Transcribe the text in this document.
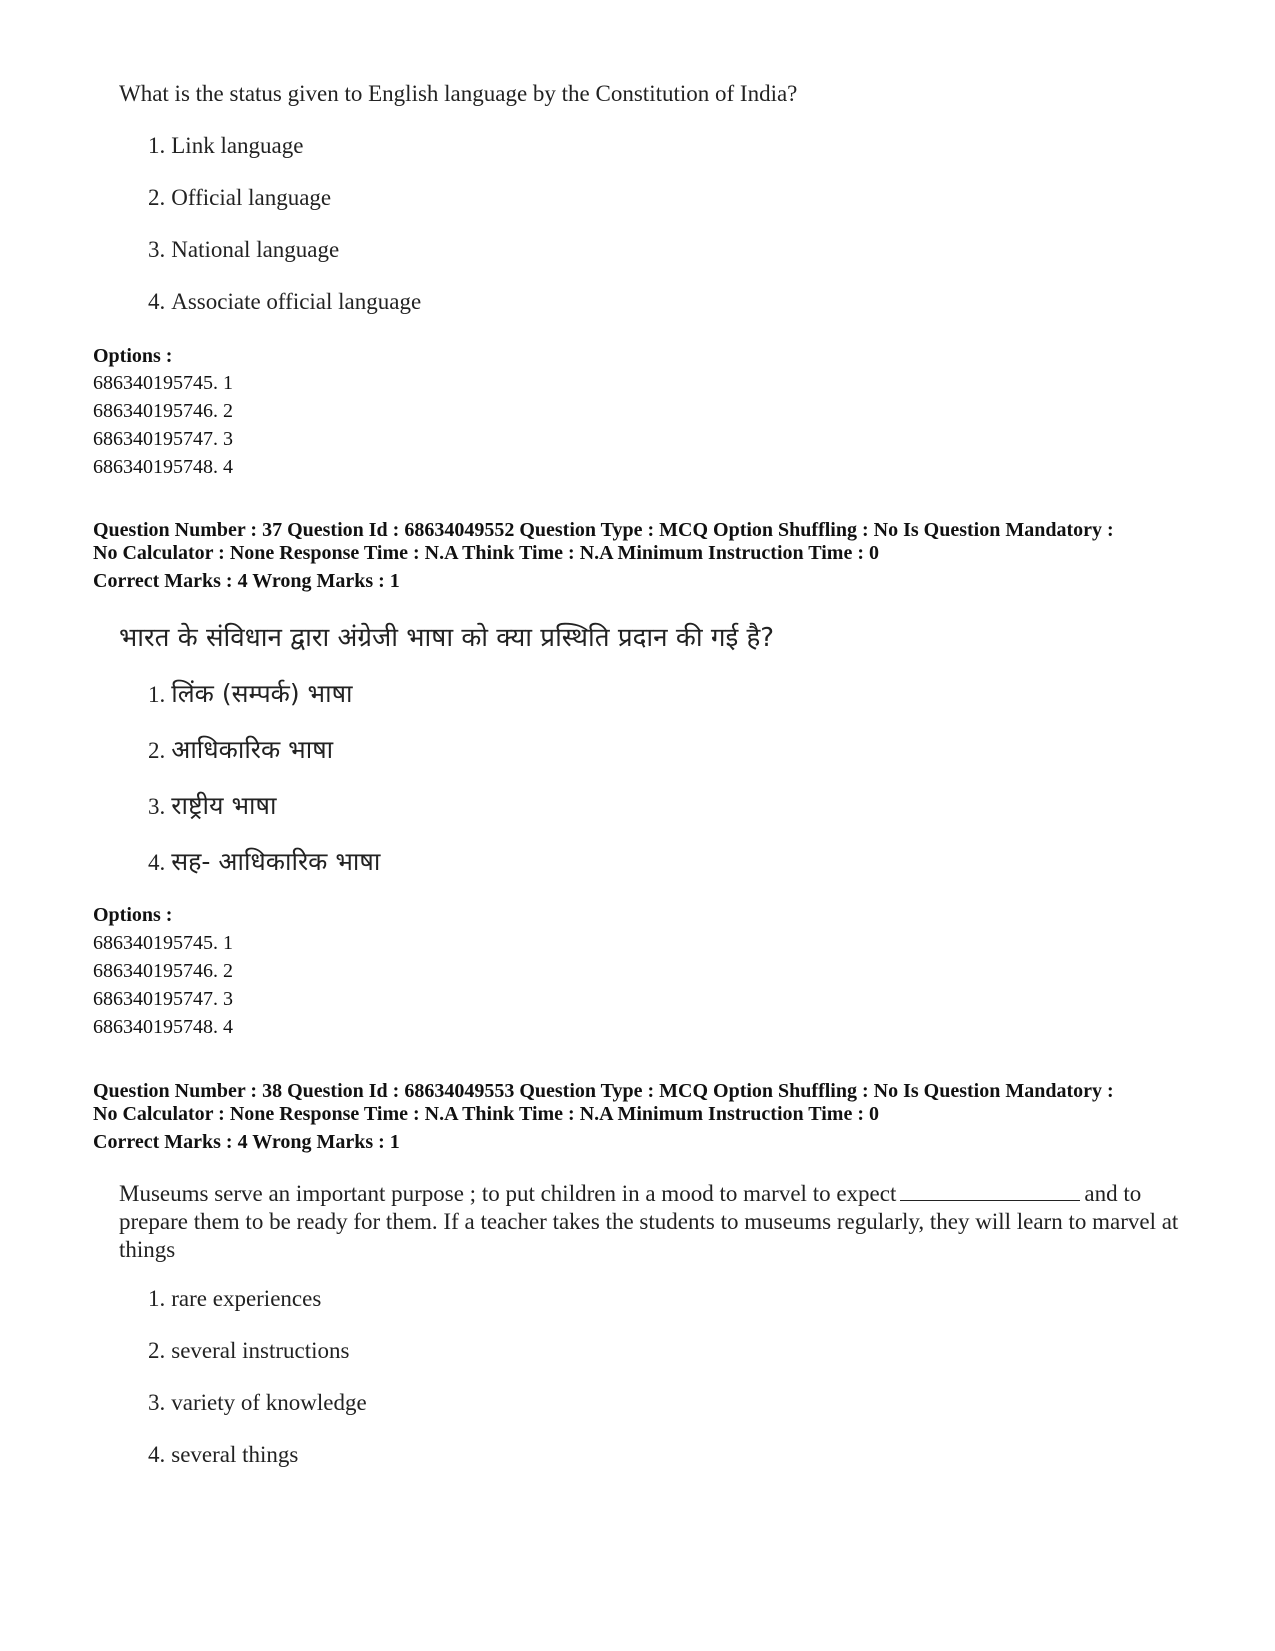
What is the status given to English language by the Constitution of India?
1. Link language
2. Official language
3. National language
4. Associate official language
Options :
686340195745. 1
686340195746. 2
686340195747. 3
686340195748. 4
Question Number : 37 Question Id : 68634049552 Question Type : MCQ Option Shuffling : No Is Question Mandatory :
No Calculator : None Response Time : N.A Think Time : N.A Minimum Instruction Time : 0
Correct Marks : 4 Wrong Marks : 1
भारत के संविधान द्वारा अंग्रेजी भाषा को क्या प्रस्थिति प्रदान की गई है?
1. लिंक (सम्पर्क) भाषा
2. आधिकारिक भाषा
3. राष्ट्रीय भाषा
4. सह- आधिकारिक भाषा
Options :
686340195745. 1
686340195746. 2
686340195747. 3
686340195748. 4
Question Number : 38 Question Id : 68634049553 Question Type : MCQ Option Shuffling : No Is Question Mandatory :
No Calculator : None Response Time : N.A Think Time : N.A Minimum Instruction Time : 0
Correct Marks : 4 Wrong Marks : 1
Museums serve an important purpose ; to put children in a mood to marvel to expect	and to prepare them to be ready for them. If a teacher takes the students to museums regularly, they will learn to marvel at things
1. rare experiences
2. several instructions
3. variety of knowledge
4. several things
